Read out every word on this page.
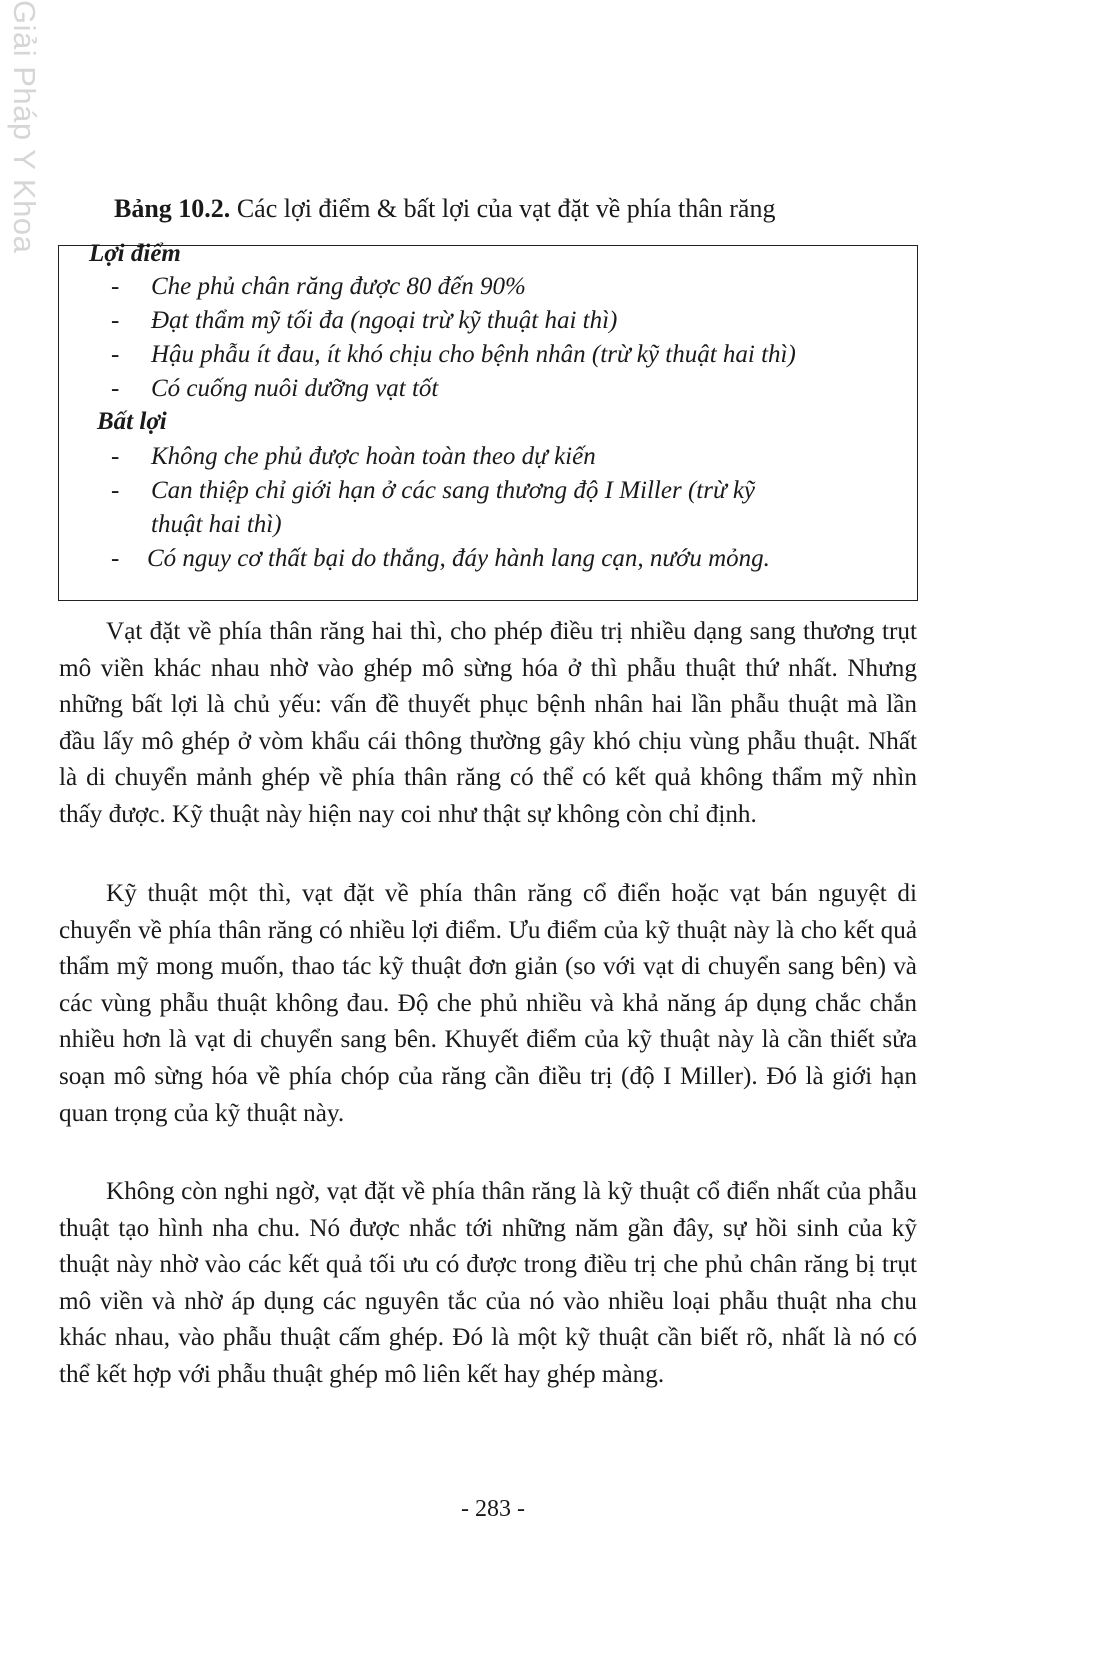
Giải Pháp Y Khoa	Bảng 10.2. Các lợi điểm & bất lợi của vạt đặt về phía thân răng
Lợi điểm
- Che phủ chân răng được 80 đến 90%
- Đạt thẩm mỹ tối đa (ngoại trừ kỹ thuật hai thì)
- Hậu phẫu ít đau, ít khó chịu cho bệnh nhân (trừ kỹ thuật hai thì)
- Có cuống nuôi dưỡng vạt tốt
Bất lợi
- Không che phủ được hoàn toàn theo dự kiến
- Can thiệp chỉ giới hạn ở các sang thương độ I Miller (trừ kỹ
thuật hai thì)
- Có nguy cơ thất bại do thắng, đáy hành lang cạn, nướu mỏng.

Vạt đặt về phía thân răng hai thì, cho phép điều trị nhiều dạng sang thương trụt mô viền khác nhau nhờ vào ghép mô sừng hóa ở thì phẫu thuật thứ nhất. Nhưng những bất lợi là chủ yếu: vấn đề thuyết phục bệnh nhân hai lần phẫu thuật mà lần đầu lấy mô ghép ở vòm khẩu cái thông thường gây khó chịu vùng phẫu thuật. Nhất là di chuyển mảnh ghép về phía thân răng có thể có kết quả không thẩm mỹ nhìn thấy được. Kỹ thuật này hiện nay coi như thật sự không còn chỉ định.

Kỹ thuật một thì, vạt đặt về phía thân răng cổ điển hoặc vạt bán nguyệt di chuyển về phía thân răng có nhiều lợi điểm. Ưu điểm của kỹ thuật này là cho kết quả thẩm mỹ mong muốn, thao tác kỹ thuật đơn giản (so với vạt di chuyển sang bên) và các vùng phẫu thuật không đau. Độ che phủ nhiều và khả năng áp dụng chắc chắn nhiều hơn là vạt di chuyển sang bên. Khuyết điểm của kỹ thuật này là cần thiết sửa soạn mô sừng hóa về phía chóp của răng cần điều trị (độ I Miller). Đó là giới hạn quan trọng của kỹ thuật này.

Không còn nghi ngờ, vạt đặt về phía thân răng là kỹ thuật cổ điển nhất của phẫu thuật tạo hình nha chu. Nó được nhắc tới những năm gần đây, sự hồi sinh của kỹ thuật này nhờ vào các kết quả tối ưu có được trong điều trị che phủ chân răng bị trụt mô viền và nhờ áp dụng các nguyên tắc của nó vào nhiều loại phẫu thuật nha chu khác nhau, vào phẫu thuật cấm ghép. Đó là một kỹ thuật cần biết rõ, nhất là nó có thể kết hợp với phẫu thuật ghép mô liên kết hay ghép màng.

- 283 -
